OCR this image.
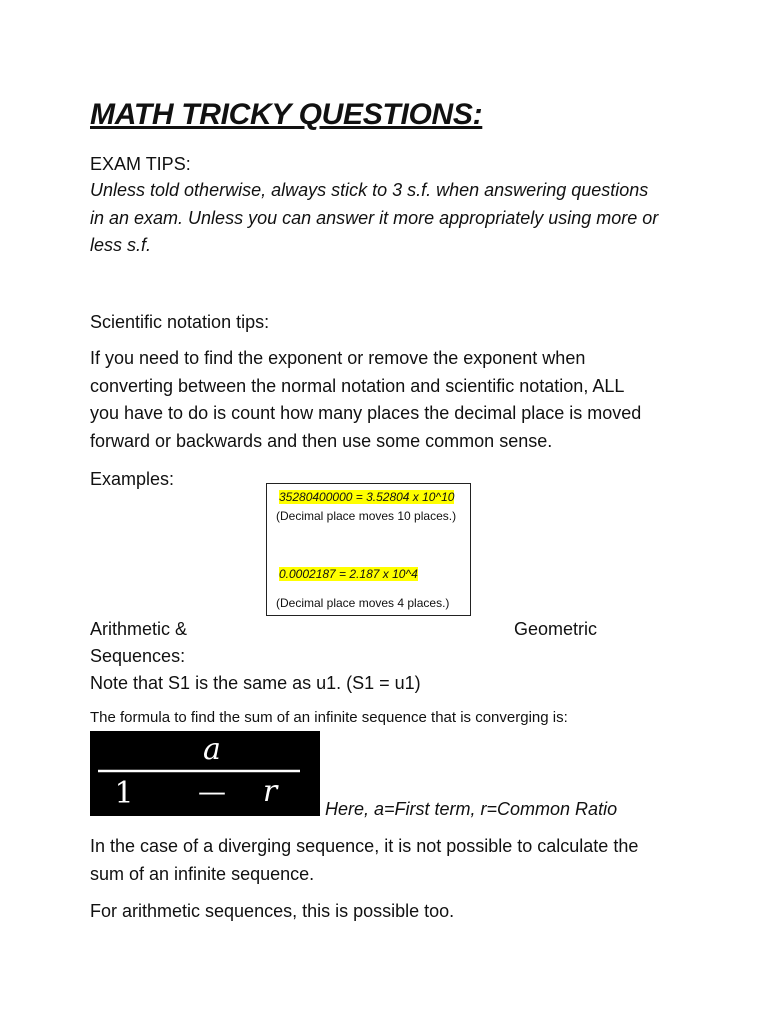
MATH TRICKY QUESTIONS:
EXAM TIPS:
Unless told otherwise, always stick to 3 s.f. when answering questions
in an exam. Unless you can answer it more appropriately using more or
less s.f.
Scientific notation tips:
If you need to find the exponent or remove the exponent when
converting between the normal notation and scientific notation, ALL
you have to do is count how many places the decimal place is moved
forward or backwards and then use some common sense.
Examples:
35280400000 = 3.52804 x 10^10
(Decimal place moves 10 places.)
0.0002187 = 2.187 x 10^4
(Decimal place moves 4 places.)
Arithmetic &	Geometric
Sequences:
Note that S1 is the same as u1. (S1 = u1)
The formula to find the sum of an infinite sequence that is converging is:
a
1 — r	Here, a=First term, r=Common Ratio
In the case of a diverging sequence, it is not possible to calculate the
sum of an infinite sequence.
For arithmetic sequences, this is possible too.
